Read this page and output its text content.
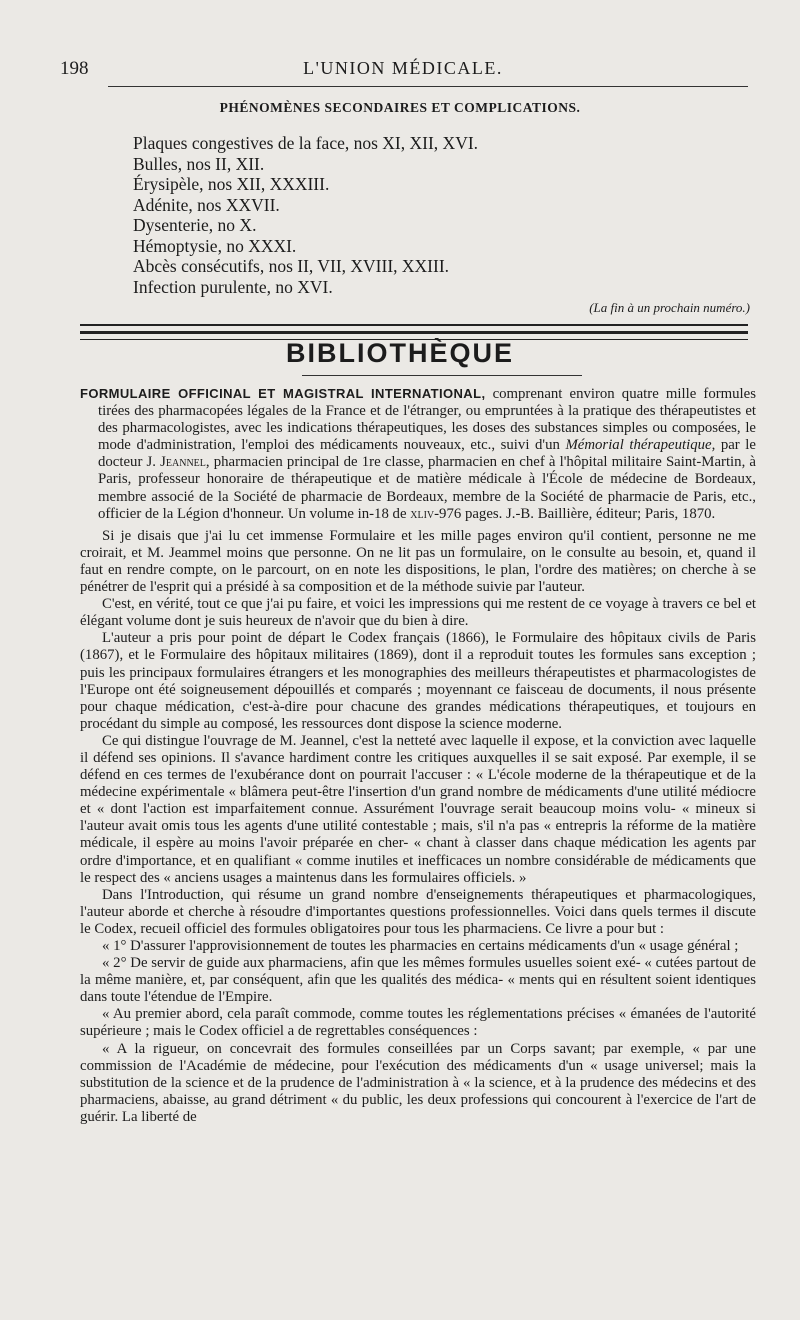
198	L'UNION MÉDICALE.
PHÉNOMÈNES SECONDAIRES ET COMPLICATIONS.
Plaques congestives de la face, nos XI, XII, XVI.
Bulles, nos II, XII.
Érysipèle, nos XII, XXXIII.
Adénite, nos XXVII.
Dysenterie, no X.
Hémoptysie, no XXXI.
Abcès consécutifs, nos II, VII, XVIII, XXIII.
Infection purulente, no XVI.
(La fin à un prochain numéro.)
BIBLIOTHÈQUE

FORMULAIRE OFFICINAL ET MAGISTRAL INTERNATIONAL, comprenant environ quatre mille formules tirées des pharmacopées légales de la France et de l'étranger, ou empruntées à la pratique des thérapeutistes et des pharmacologistes, avec les indications thérapeutiques, les doses des substances simples ou composées, le mode d'administration, l'emploi des médicaments nouveaux, etc., suivi d'un Mémorial thérapeutique, par le docteur J. Jeannel, pharmacien principal de 1re classe, pharmacien en chef à l'hôpital militaire Saint-Martin, à Paris, professeur honoraire de thérapeutique et de matière médicale à l'École de médecine de Bordeaux, membre associé de la Société de pharmacie de Bordeaux, membre de la Société de pharmacie de Paris, etc., officier de la Légion d'honneur. Un volume in-18 de xliv-976 pages. J.-B. Baillière, éditeur; Paris, 1870.

Si je disais que j'ai lu cet immense Formulaire et les mille pages environ qu'il contient, personne ne me croirait, et M. Jeammel moins que personne. On ne lit pas un formulaire, on le consulte au besoin, et, quand il faut en rendre compte, on le parcourt, on en note les dispositions, le plan, l'ordre des matières; on cherche à se pénétrer de l'esprit qui a présidé à sa composition et de la méthode suivie par l'auteur.

C'est, en vérité, tout ce que j'ai pu faire, et voici les impressions qui me restent de ce voyage à travers ce bel et élégant volume dont je suis heureux de n'avoir que du bien à dire.

L'auteur a pris pour point de départ le Codex français (1866), le Formulaire des hôpitaux civils de Paris (1867), et le Formulaire des hôpitaux militaires (1869), dont il a reproduit toutes les formules sans exception ; puis les principaux formulaires étrangers et les monographies des meilleurs thérapeutistes et pharmacologistes de l'Europe ont été soigneusement dépouillés et comparés ; moyennant ce faisceau de documents, il nous présente pour chaque médication, c'est-à-dire pour chacune des grandes médications thérapeutiques, et toujours en procédant du simple au composé, les ressources dont dispose la science moderne.

Ce qui distingue l'ouvrage de M. Jeannel, c'est la netteté avec laquelle il expose, et la conviction avec laquelle il défend ses opinions. Il s'avance hardiment contre les critiques auxquelles il se sait exposé. Par exemple, il se défend en ces termes de l'exubérance dont on pourrait l'accuser : « L'école moderne de la thérapeutique et de la médecine expérimentale « blâmera peut-être l'insertion d'un grand nombre de médicaments d'une utilité médiocre et « dont l'action est imparfaitement connue. Assurément l'ouvrage serait beaucoup moins volu- « mineux si l'auteur avait omis tous les agents d'une utilité contestable ; mais, s'il n'a pas « entrepris la réforme de la matière médicale, il espère au moins l'avoir préparée en cher- « chant à classer dans chaque médication les agents par ordre d'importance, et en qualifiant « comme inutiles et inefficaces un nombre considérable de médicaments que le respect des « anciens usages a maintenus dans les formulaires officiels. »

Dans l'Introduction, qui résume un grand nombre d'enseignements thérapeutiques et pharmacologiques, l'auteur aborde et cherche à résoudre d'importantes questions professionnelles. Voici dans quels termes il discute le Codex, recueil officiel des formules obligatoires pour tous les pharmaciens. Ce livre a pour but :

« 1° D'assurer l'approvisionnement de toutes les pharmacies en certains médicaments d'un « usage général ;

« 2° De servir de guide aux pharmaciens, afin que les mêmes formules usuelles soient exé- « cutées partout de la même manière, et, par conséquent, afin que les qualités des médica- « ments qui en résultent soient identiques dans toute l'étendue de l'Empire.

« Au premier abord, cela paraît commode, comme toutes les réglementations précises « émanées de l'autorité supérieure ; mais le Codex officiel a de regrettables conséquences :

« A la rigueur, on concevrait des formules conseillées par un Corps savant; par exemple, « par une commission de l'Académie de médecine, pour l'exécution des médicaments d'un « usage universel; mais la substitution de la science et de la prudence de l'administration à « la science, et à la prudence des médecins et des pharmaciens, abaisse, au grand détriment « du public, les deux professions qui concourent à l'exercice de l'art de guérir. La liberté de
